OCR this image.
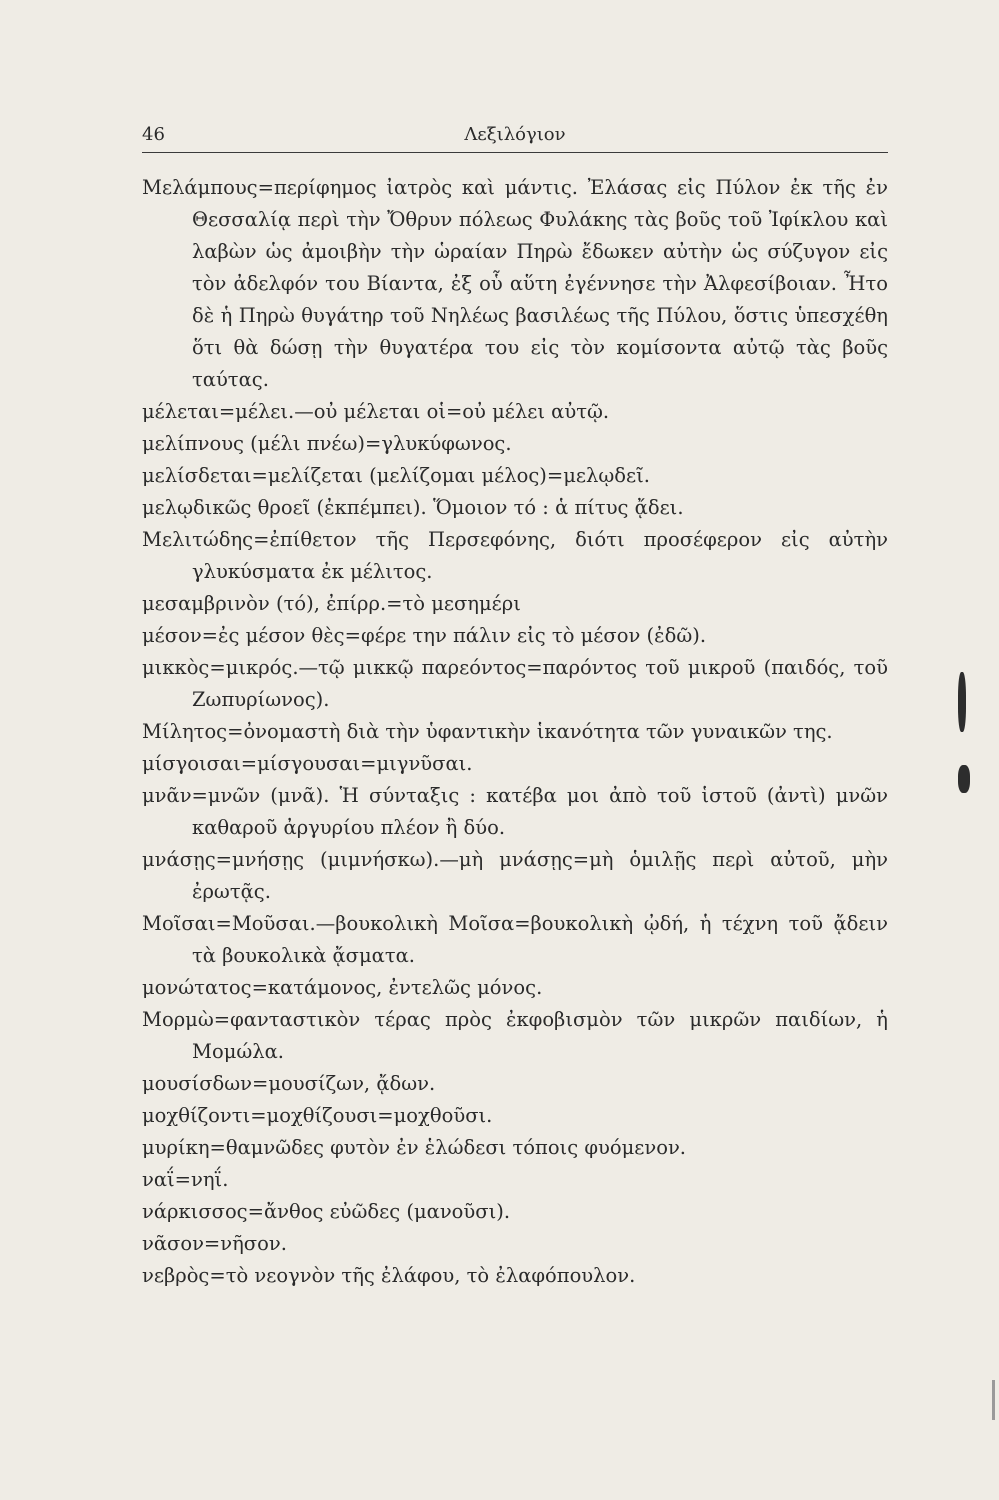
46	Λεξιλόγιον

Μελάμπους=περίφημος ἰατρὸς καὶ μάντις. Ἐλάσας εἰς Πύλον ἐκ τῆς ἐν Θεσσαλίᾳ περὶ τὴν Ὄθρυν πόλεως Φυλάκης τὰς βοῦς τοῦ Ἰφίκλου καὶ λαβὼν ὡς ἀμοιβὴν τὴν ὡραίαν Πηρὼ ἔδωκεν αὐτὴν ὡς σύζυγον εἰς τὸν ἀδελφόν του Βίαντα, ἐξ οὗ αὕτη ἐγέννησε τὴν Ἀλφεσίβοιαν. Ἦτο δὲ ἡ Πηρὼ θυγάτηρ τοῦ Νηλέως βασιλέως τῆς Πύλου, ὅστις ὑπεσχέθη ὅτι θὰ δώσῃ τὴν θυγατέρα του εἰς τὸν κομίσοντα αὐτῷ τὰς βοῦς ταύτας.

μέλεται=μέλει.—οὐ μέλεται οἱ=οὐ μέλει αὐτῷ.

μελίπνους (μέλι πνέω)=γλυκύφωνος.

μελίσδεται=μελίζεται (μελίζομαι μέλος)=μελῳδεῖ.

μελῳδικῶς θροεῖ (ἐκπέμπει). Ὅμοιον τό : ἁ πίτυς ᾄδει.

Μελιτώδης=ἐπίθετον τῆς Περσεφόνης, διότι προσέφερον εἰς αὐτὴν γλυκύσματα ἐκ μέλιτος.

μεσαμβρινὸν (τό), ἐπίρρ.=τὸ μεσημέρι

μέσον=ἐς μέσον θὲς=φέρε την πάλιν εἰς τὸ μέσον (ἐδῶ).

μικκὸς=μικρός.—τῷ μικκῷ παρεόντος=παρόντος τοῦ μικροῦ (παιδός, τοῦ Ζωπυρίωνος).

Μίλητος=ὀνομαστὴ διὰ τὴν ὑφαντικὴν ἱκανότητα τῶν γυναικῶν της.

μίσγοισαι=μίσγουσαι=μιγνῦσαι.

μνᾶν=μνῶν (μνᾶ). Ἡ σύνταξις : κατέβα μοι ἀπὸ τοῦ ἱστοῦ (ἀντὶ) μνῶν καθαροῦ ἀργυρίου πλέον ἢ δύο.

μνάσῃς=μνήσῃς (μιμνήσκω).—μὴ μνάσῃς=μὴ ὁμιλῇς περὶ αὐτοῦ, μὴν ἐρωτᾷς.

Μοῖσαι=Μοῦσαι.—βουκολικὴ Μοῖσα=βουκολικὴ ᾠδή, ἡ τέχνη τοῦ ᾄδειν τὰ βουκολικὰ ᾄσματα.

μονώτατος=κατάμονος, ἐντελῶς μόνος.

Μορμὼ=φανταστικὸν τέρας πρὸς ἐκφοβισμὸν τῶν μικρῶν παιδίων, ἡ Μομώλα.

μουσίσδων=μουσίζων, ᾄδων.

μοχθίζοντι=μοχθίζουσι=μοχθοῦσι.

μυρίκη=θαμνῶδες φυτὸν ἐν ἑλώδεσι τόποις φυόμενον.

ναΐ=νηΐ.

νάρκισσος=ἄνθος εὐῶδες (μανοῦσι).

νᾶσον=νῆσον.

νεβρὸς=τὸ νεογνὸν τῆς ἐλάφου, τὸ ἐλαφόπουλον.
